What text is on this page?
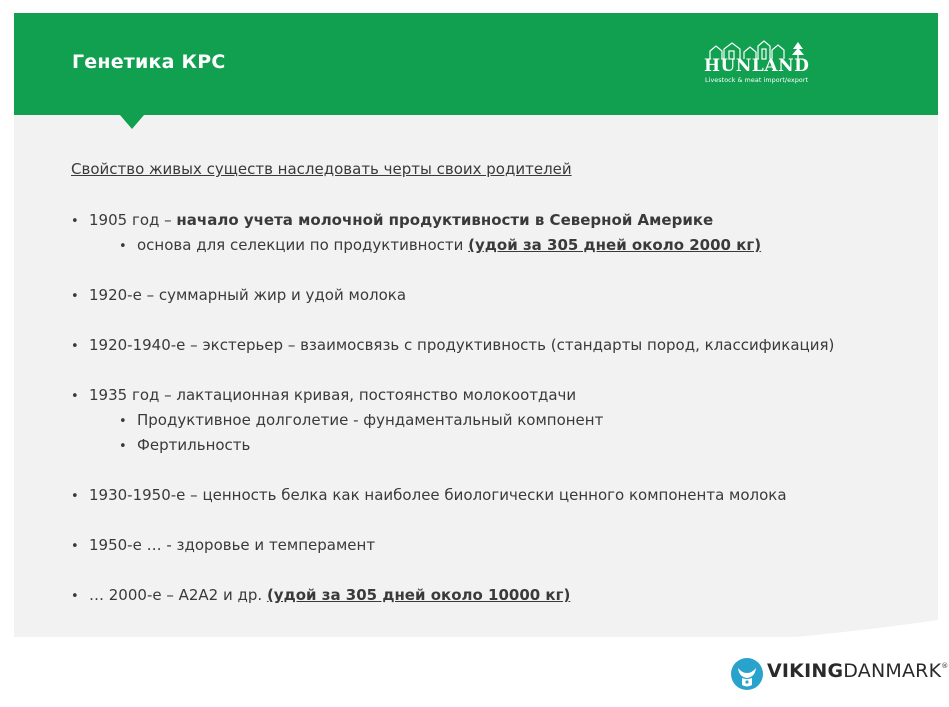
Генетика КРС	HUNLAND
Livestock & meat import/export
Свойство живых существ наследовать черты своих родителей
• 1905 год – начало учета молочной продуктивности в Северной Америке
• основа для селекции по продуктивности (удой за 305 дней около 2000 кг)
• 1920-е – суммарный жир и удой молока
• 1920-1940-е – экстерьер – взаимосвязь с продуктивность (стандарты пород, классификация)
• 1935 год – лактационная кривая, постоянство молокоотдачи
• Продуктивное долголетие - фундаментальный компонент
• Фертильность
• 1930-1950-е – ценность белка как наиболее биологически ценного компонента молока
• 1950-е … - здоровье и темперамент
• … 2000-е – A2A2 и др. (удой за 305 дней около 10000 кг)
VIKINGDANMARK®
